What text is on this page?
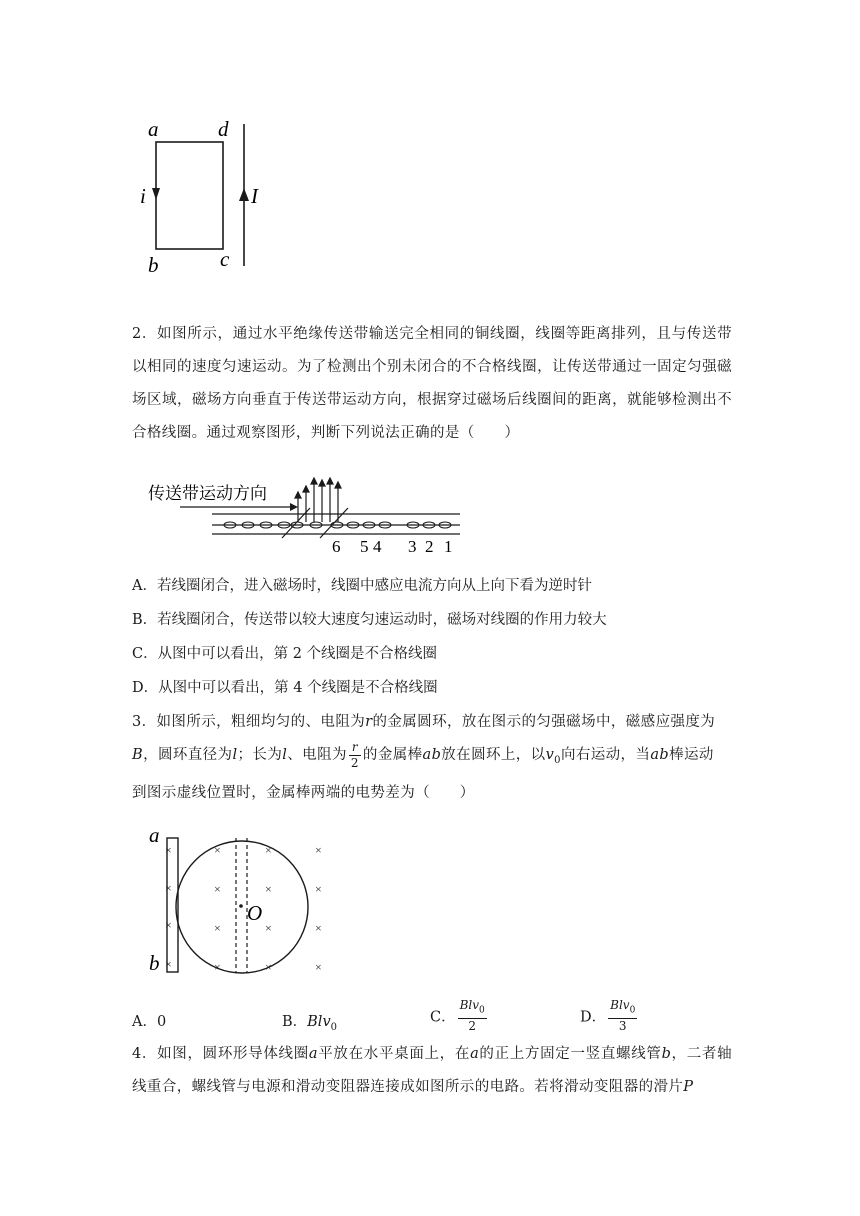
a	d
i	I
b	c
2．如图所示，通过水平绝缘传送带输送完全相同的铜线圈，线圈等距离排列，且与传送带以相同的速度匀速运动。为了检测出个别未闭合的不合格线圈，让传送带通过一固定匀强磁场区域，磁场方向垂直于传送带运动方向，根据穿过磁场后线圈间的距离，就能够检测出不合格线圈。通过观察图形，判断下列说法正确的是（　　）
传送带运动方向
6 5 4 3 2 1
A．若线圈闭合，进入磁场时，线圈中感应电流方向从上向下看为逆时针
B．若线圈闭合，传送带以较大速度匀速运动时，磁场对线圈的作用力较大
C．从图中可以看出，第 2 个线圈是不合格线圈
D．从图中可以看出，第 4 个线圈是不合格线圈
3．如图所示，粗细均匀的、电阻为r的金属圆环，放在图示的匀强磁场中，磁感应强度为
B，圆环直径为l；长为l、电阻为 $\frac{r}{2}$ 的金属棒ab放在圆环上，以$v_0$向右运动，当ab棒运动
到图示虚线位置时，金属棒两端的电势差为（　　）
×
×
×
×
×	×	×
×	×	×
×	×	×
×	×	×
a
b
O
A．0	B．Blv$_0$
C． $\frac{Blv_0}{2}$	D． $\frac{Blv_0}{3}$
4．如图，圆环形导体线圈a平放在水平桌面上，在a的正上方固定一竖直螺线管b，二者轴线重合，螺线管与电源和滑动变阻器连接成如图所示的电路。若将滑动变阻器的滑片P
